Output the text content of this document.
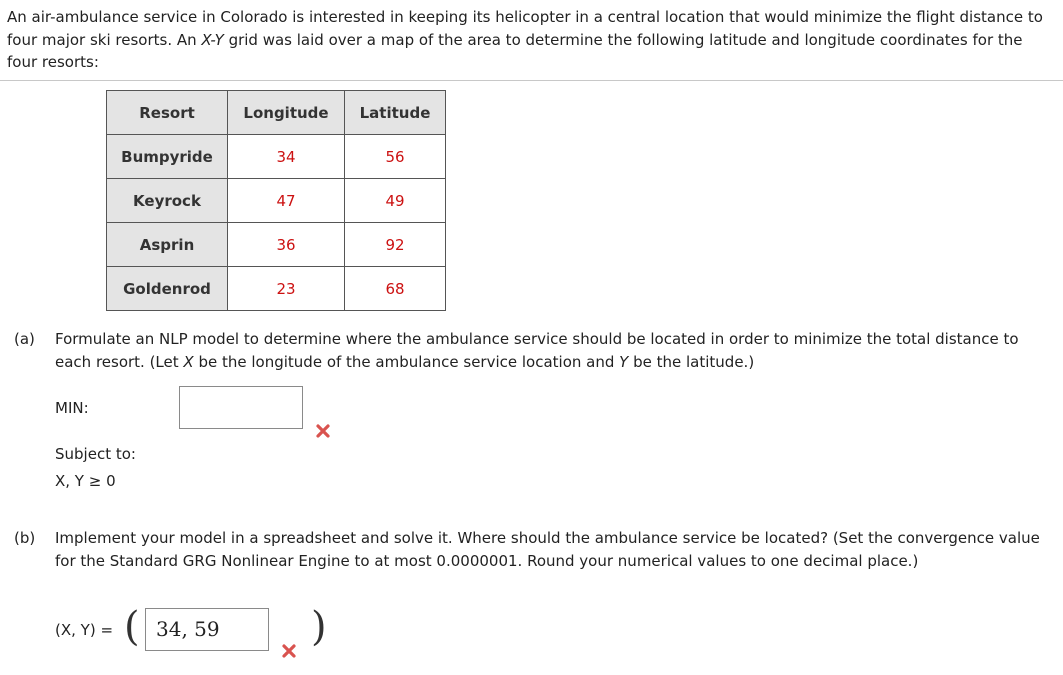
An air-ambulance service in Colorado is interested in keeping its helicopter in a central location that would minimize the flight distance to four major ski resorts. An X-Y grid was laid over a map of the area to determine the following latitude and longitude coordinates for the four resorts:
Resort	Longitude	Latitude
Bumpyride	34	56
Keyrock	47	49
Asprin	36	92
Goldenrod	23	68
(a) Formulate an NLP model to determine where the ambulance service should be located in order to minimize the total distance to each resort. (Let X be the longitude of the ambulance service location and Y be the latitude.)
MIN:
Subject to:
X, Y ≥ 0
(b) Implement your model in a spreadsheet and solve it. Where should the ambulance service be located? (Set the convergence value for the Standard GRG Nonlinear Engine to at most 0.0000001. Round your numerical values to one decimal place.)
(X, Y) = ( 34, 59	)
